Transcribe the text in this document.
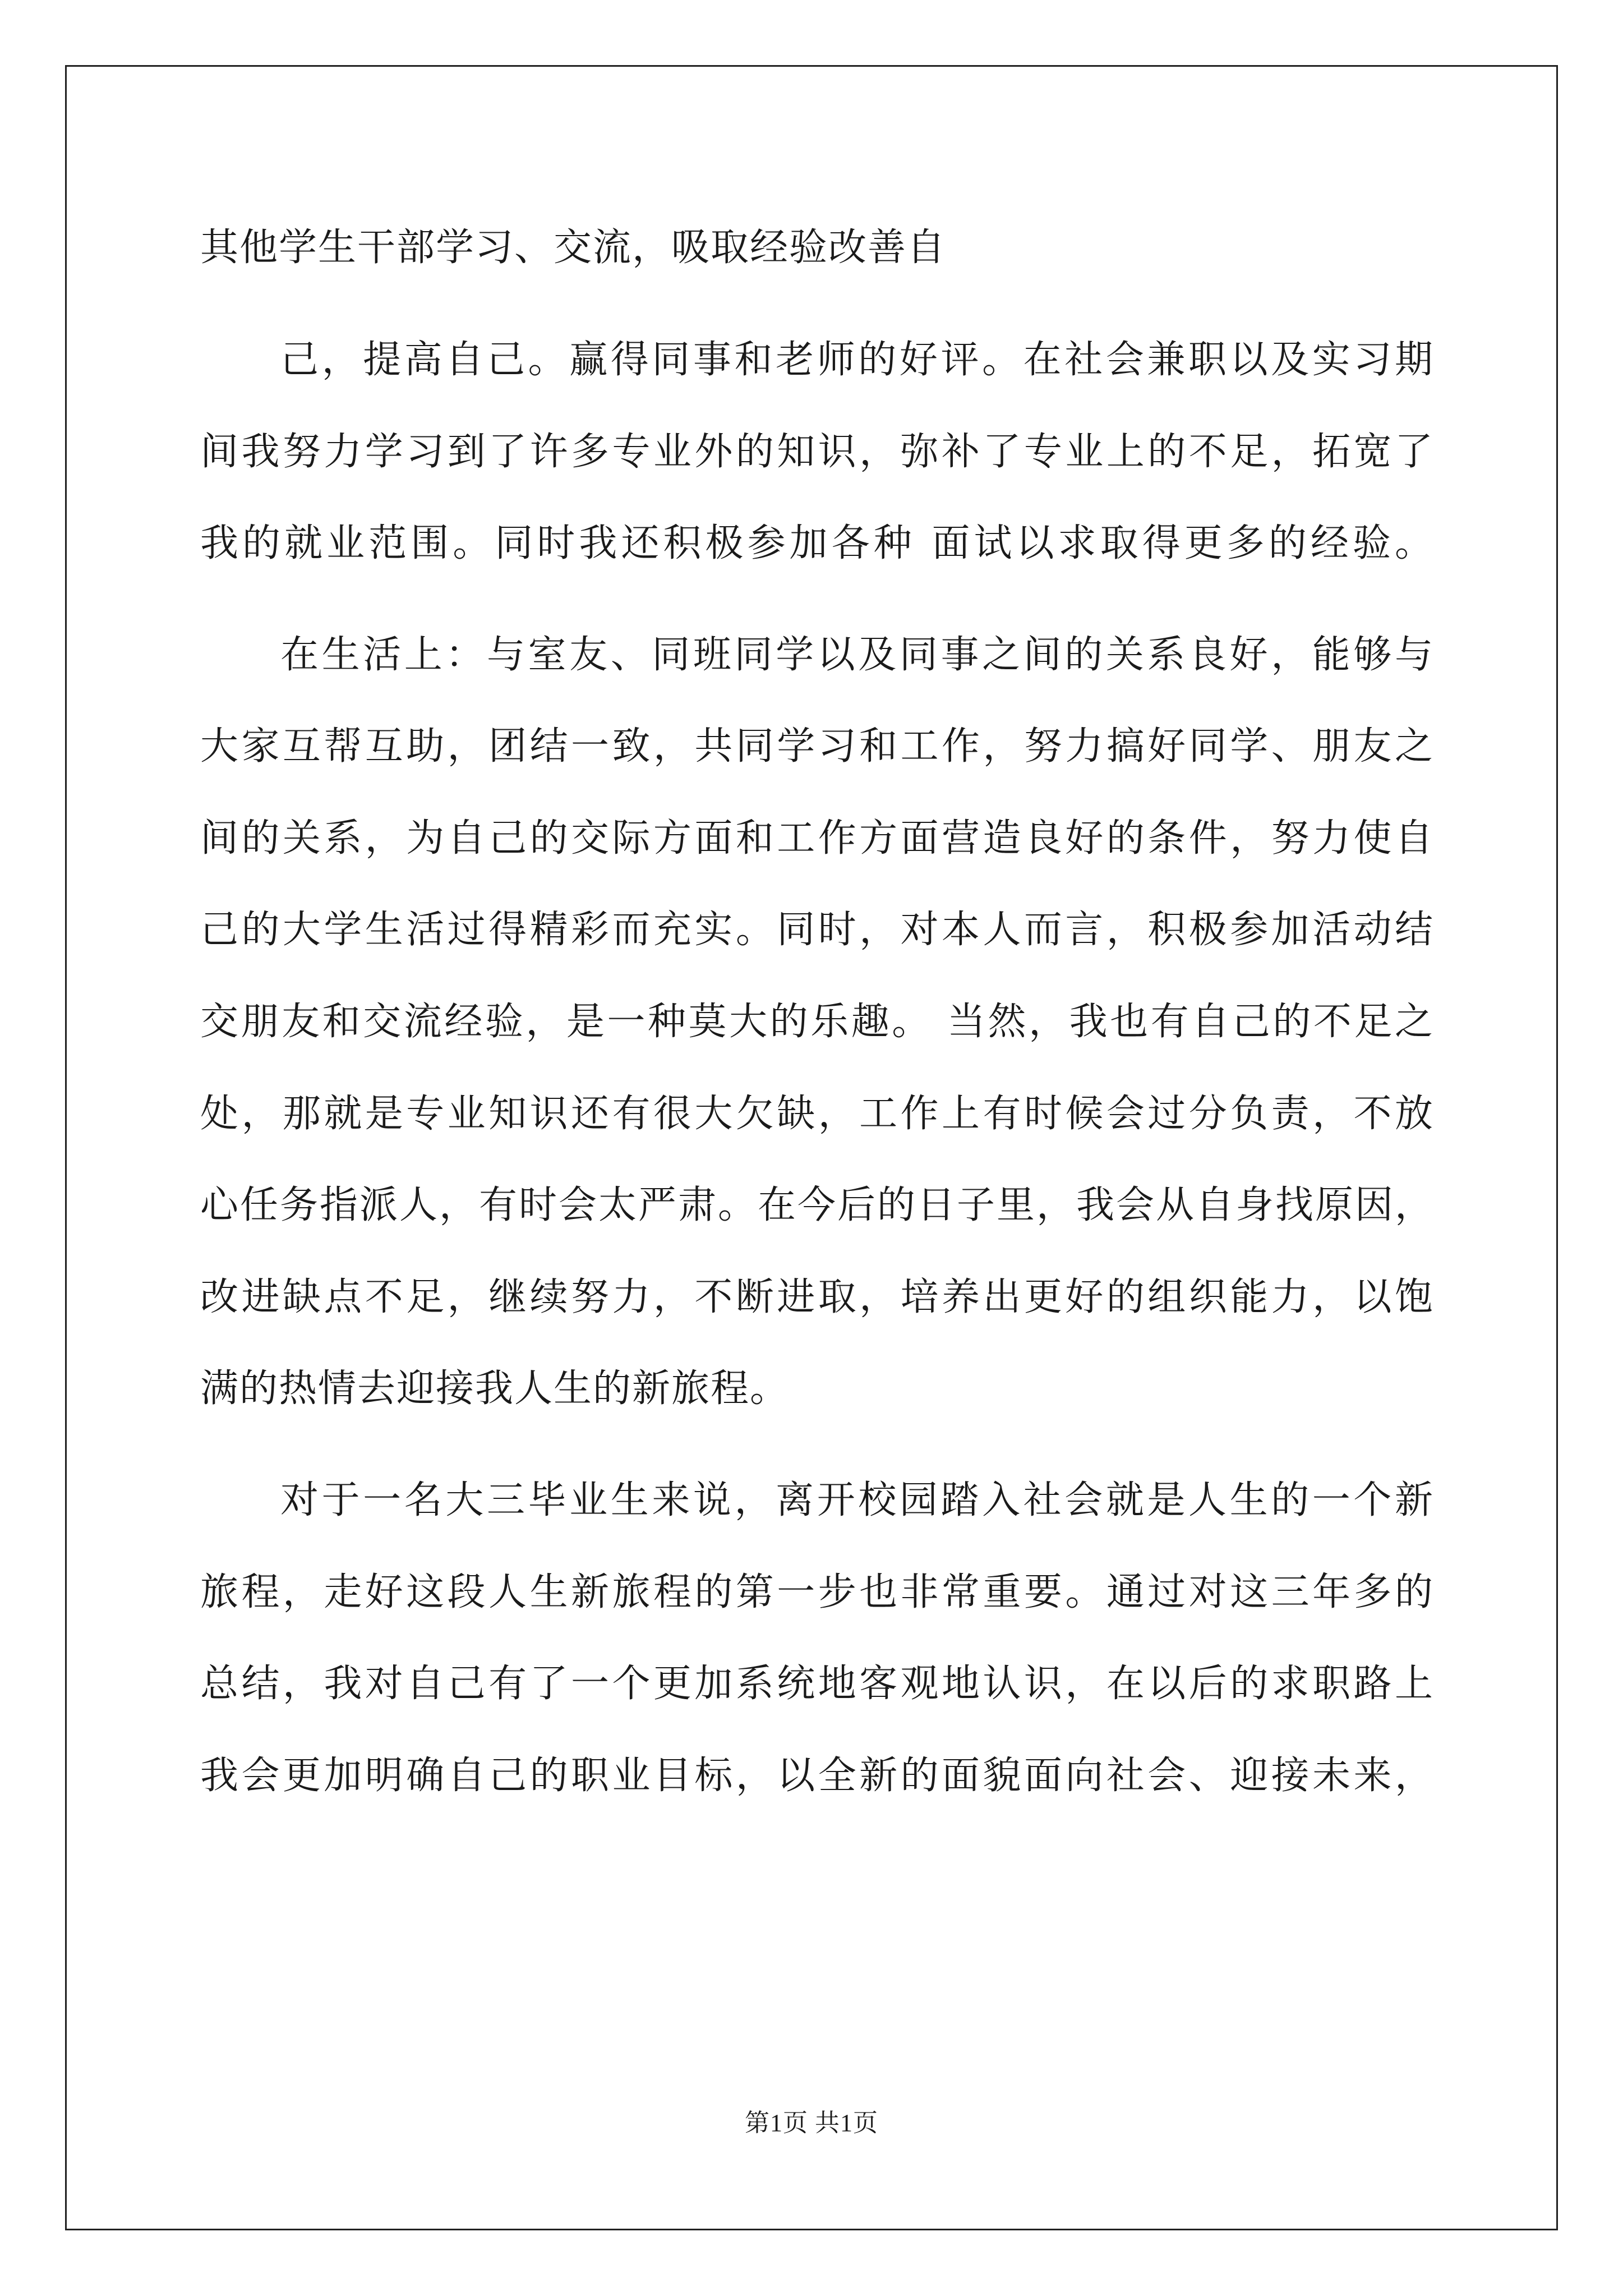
其他学生干部学习、交流，吸取经验改善自
己，提高自己。赢得同事和老师的好评。在社会兼职以及实习期
间我努力学习到了许多专业外的知识，弥补了专业上的不足，拓宽了
我的就业范围。同时我还积极参加各种 面试以求取得更多的经验。
在生活上：与室友、同班同学以及同事之间的关系良好，能够与
大家互帮互助，团结一致，共同学习和工作，努力搞好同学、朋友之
间的关系，为自己的交际方面和工作方面营造良好的条件，努力使自
己的大学生活过得精彩而充实。同时，对本人而言，积极参加活动结
交朋友和交流经验，是一种莫大的乐趣。 当然，我也有自己的不足之
处，那就是专业知识还有很大欠缺，工作上有时候会过分负责，不放
心任务指派人，有时会太严肃。在今后的日子里，我会从自身找原因，
改进缺点不足，继续努力，不断进取，培养出更好的组织能力，以饱
满的热情去迎接我人生的新旅程。
对于一名大三毕业生来说，离开校园踏入社会就是人生的一个新
旅程，走好这段人生新旅程的第一步也非常重要。通过对这三年多的
总结，我对自己有了一个更加系统地客观地认识，在以后的求职路上
我会更加明确自己的职业目标，以全新的面貌面向社会、迎接未来，
第1页 共1页
